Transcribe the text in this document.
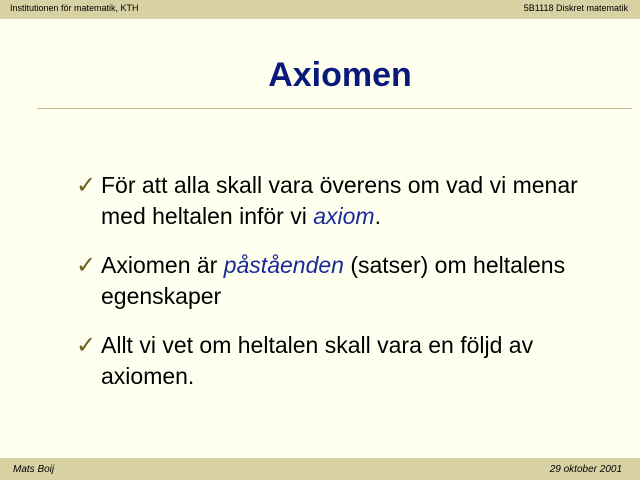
Institutionen för matematik, KTH	5B1118 Diskret matematik
Axiomen
✓ För att alla skall vara överens om vad vi menar med heltalen inför vi axiom.
✓ Axiomen är påståenden (satser) om heltalens egenskaper
✓ Allt vi vet om heltalen skall vara en följd av axiomen.
Mats Boij	29 oktober 2001
